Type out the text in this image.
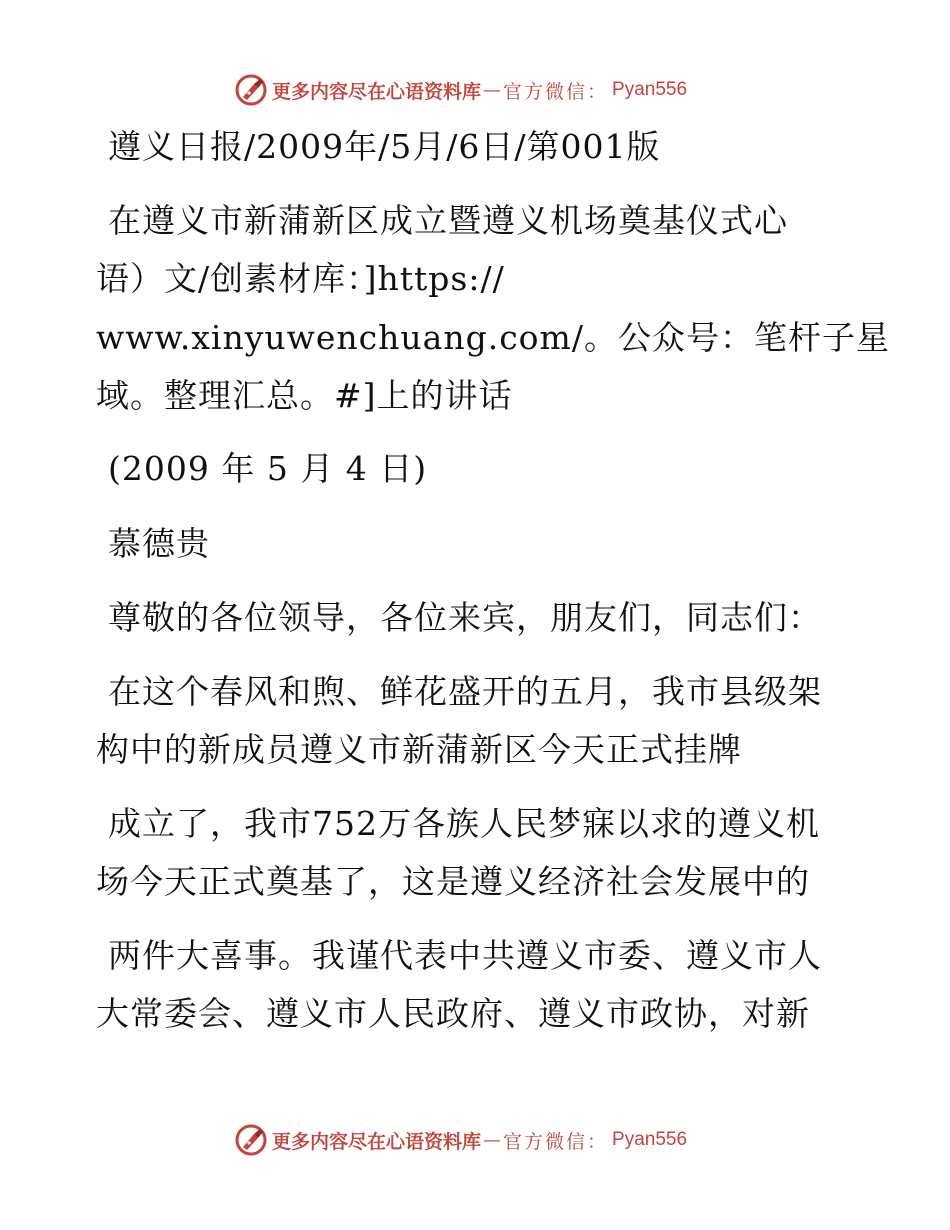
更多内容尽在心语资料库 — 官方微信： Pyan556
遵义日报/2009年/5月/6日/第001版
在遵义市新蒲新区成立暨遵义机场奠基仪式心
语）文/创素材库：]https://
www.xinyuwenchuang.com/。公众号：笔杆子星
域。整理汇总。#]上的讲话
(2009 年 5 月 4 日)
慕德贵
尊敬的各位领导，各位来宾，朋友们，同志们：
在这个春风和煦、鲜花盛开的五月，我市县级架
构中的新成员遵义市新蒲新区今天正式挂牌
成立了，我市752万各族人民梦寐以求的遵义机
场今天正式奠基了，这是遵义经济社会发展中的
两件大喜事。我谨代表中共遵义市委、遵义市人
大常委会、遵义市人民政府、遵义市政协，对新
更多内容尽在心语资料库 — 官方微信： Pyan556
